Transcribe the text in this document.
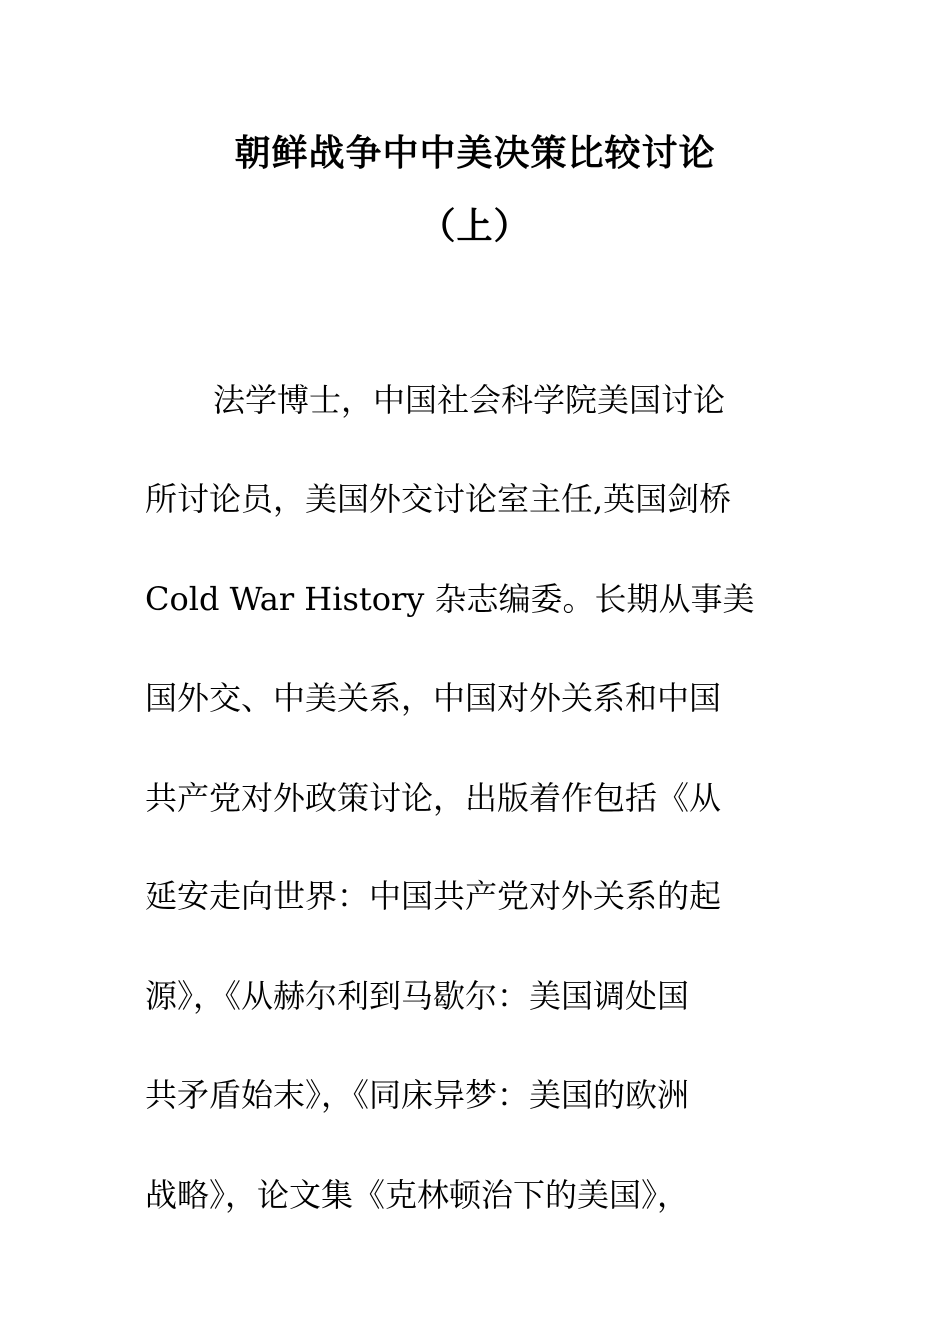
朝鲜战争中中美决策比较讨论
（上）

法学博士，中国社会科学院美国讨论

所讨论员，美国外交讨论室主任,英国剑桥

Cold War History 杂志编委。长期从事美

国外交、中美关系，中国对外关系和中国

共产党对外政策讨论，出版着作包括《从

延安走向世界：中国共产党对外关系的起

源》，《从赫尔利到马歇尔：美国调处国

共矛盾始末》，《同床异梦：美国的欧洲

战略》，论文集《克林顿治下的美国》，
